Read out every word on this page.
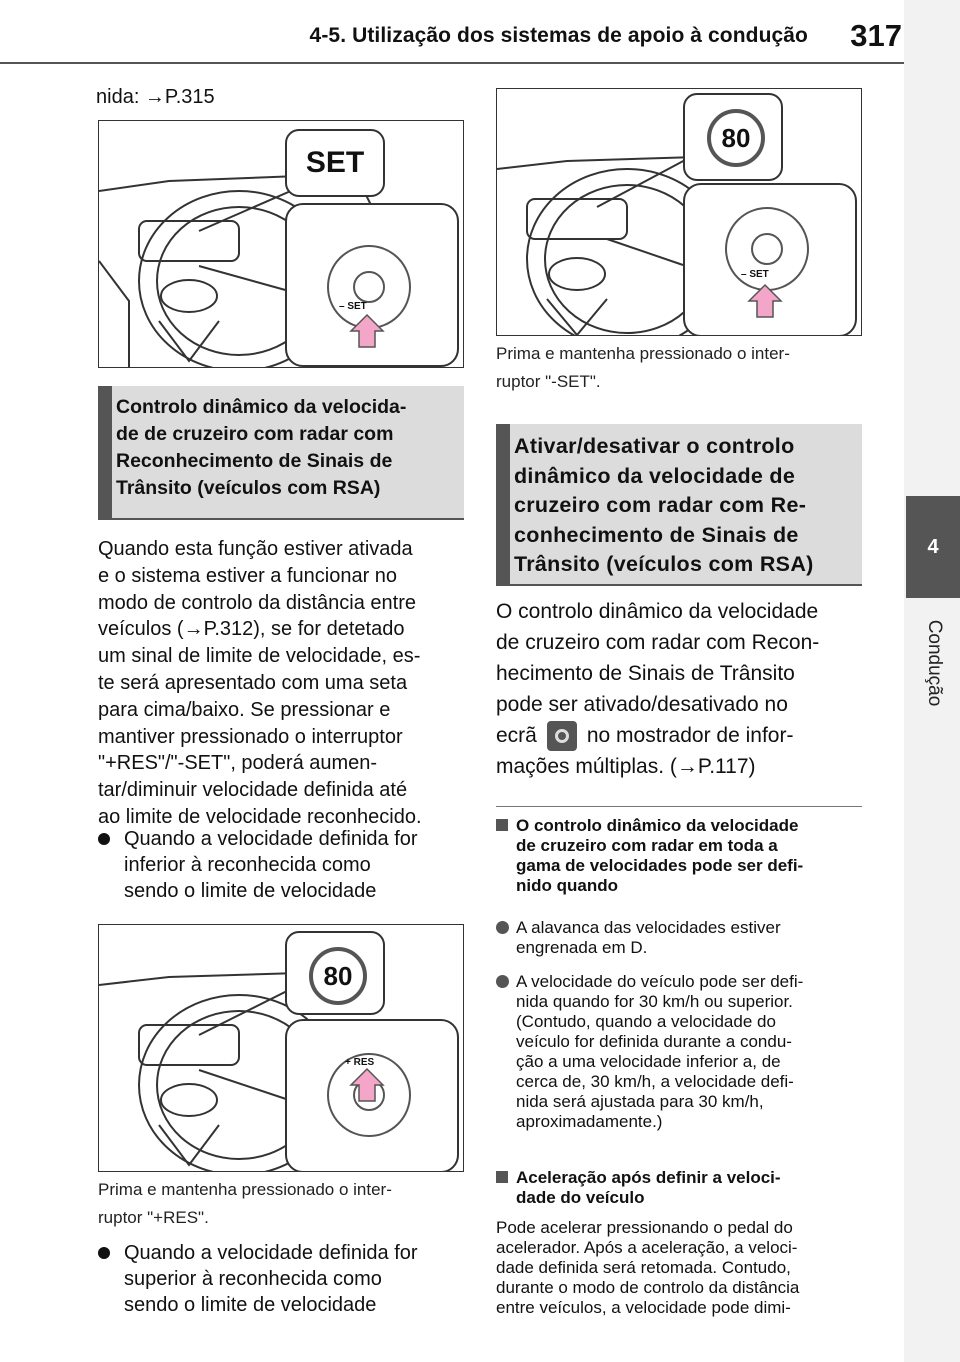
4-5. Utilização dos sistemas de apoio à condução	317
4
Condução
nida: →P.315
SET
– SET
Controlo dinâmico da velocida-
de de cruzeiro com radar com
Reconhecimento de Sinais de
Trânsito (veículos com RSA)
Quando esta função estiver ativada
e o sistema estiver a funcionar no
modo de controlo da distância entre
veículos (→P.312), se for detetado
um sinal de limite de velocidade, es-
te será apresentado com uma seta
para cima/baixo. Se pressionar e
mantiver pressionado o interruptor
"+RES"/"-SET", poderá aumen-
tar/diminuir velocidade definida até
ao limite de velocidade reconhecido.
Quando a velocidade definida for
inferior à reconhecida como
sendo o limite de velocidade
80
+ RES
Prima e mantenha pressionado o inter-
ruptor "+RES".
Quando a velocidade definida for
superior à reconhecida como
sendo o limite de velocidade
80
– SET
Prima e mantenha pressionado o inter-
ruptor "-SET".
Ativar/desativar o controlo
dinâmico da velocidade de
cruzeiro com radar com Re-
conhecimento de Sinais de
Trânsito (veículos com RSA)
O controlo dinâmico da velocidade
de cruzeiro com radar com Recon-
hecimento de Sinais de Trânsito
pode ser ativado/desativado no
ecrã no mostrador de infor-
mações múltiplas. (→P.117)
O controlo dinâmico da velocidade
de cruzeiro com radar em toda a
gama de velocidades pode ser defi-
nido quando
A alavanca das velocidades estiver
engrenada em D.
A velocidade do veículo pode ser defi-
nida quando for 30 km/h ou superior.
(Contudo, quando a velocidade do
veículo for definida durante a condu-
ção a uma velocidade inferior a, de
cerca de, 30 km/h, a velocidade defi-
nida será ajustada para 30 km/h,
aproximadamente.)
Aceleração após definir a veloci-
dade do veículo
Pode acelerar pressionando o pedal do
acelerador. Após a aceleração, a veloci-
dade definida será retomada. Contudo,
durante o modo de controlo da distância
entre veículos, a velocidade pode dimi-
